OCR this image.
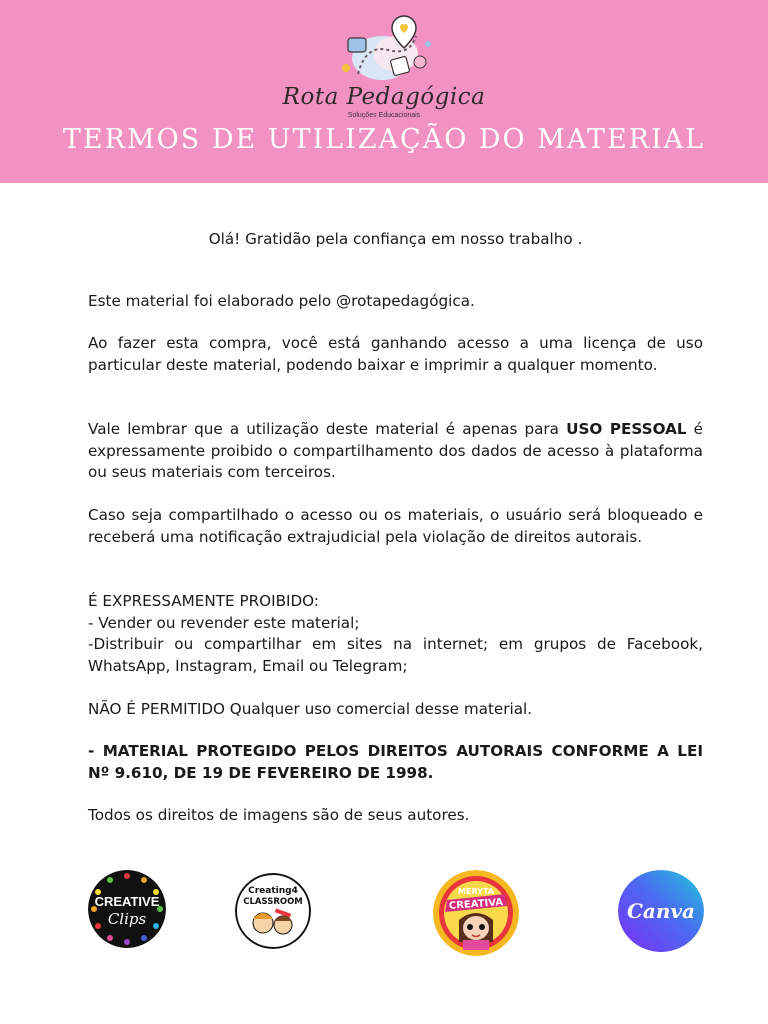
Rota Pedagógica
Soluções Educacionais
TERMOS DE UTILIZAÇÃO DO MATERIAL

Olá! Gratidão pela confiança em nosso trabalho .

Este material foi elaborado pelo @rotapedagógica.

Ao fazer esta compra, você está ganhando acesso a uma licença de uso particular deste material, podendo baixar e imprimir a qualquer momento.

Vale lembrar que a utilização deste material é apenas para USO PESSOAL é expressamente proibido o compartilhamento dos dados de acesso à plataforma ou seus materiais com terceiros.

Caso seja compartilhado o acesso ou os materiais, o usuário será bloqueado e receberá uma notificação extrajudicial pela violação de direitos autorais.

É EXPRESSAMENTE PROIBIDO:

- Vender ou revender este material;

-Distribuir ou compartilhar em sites na internet; em grupos de Facebook, WhatsApp, Instagram, Email ou Telegram;

NÃO É PERMITIDO Qualquer uso comercial desse material.

- MATERIAL PROTEGIDO PELOS DIREITOS AUTORAIS CONFORME A LEI Nº 9.610, DE 19 DE FEVEREIRO DE 1998.

Todos os direitos de imagens são de seus autores.

CREATIVE
Clips
Creating4
CLASSROOM
MERYTA
CREATIVA	Canva
